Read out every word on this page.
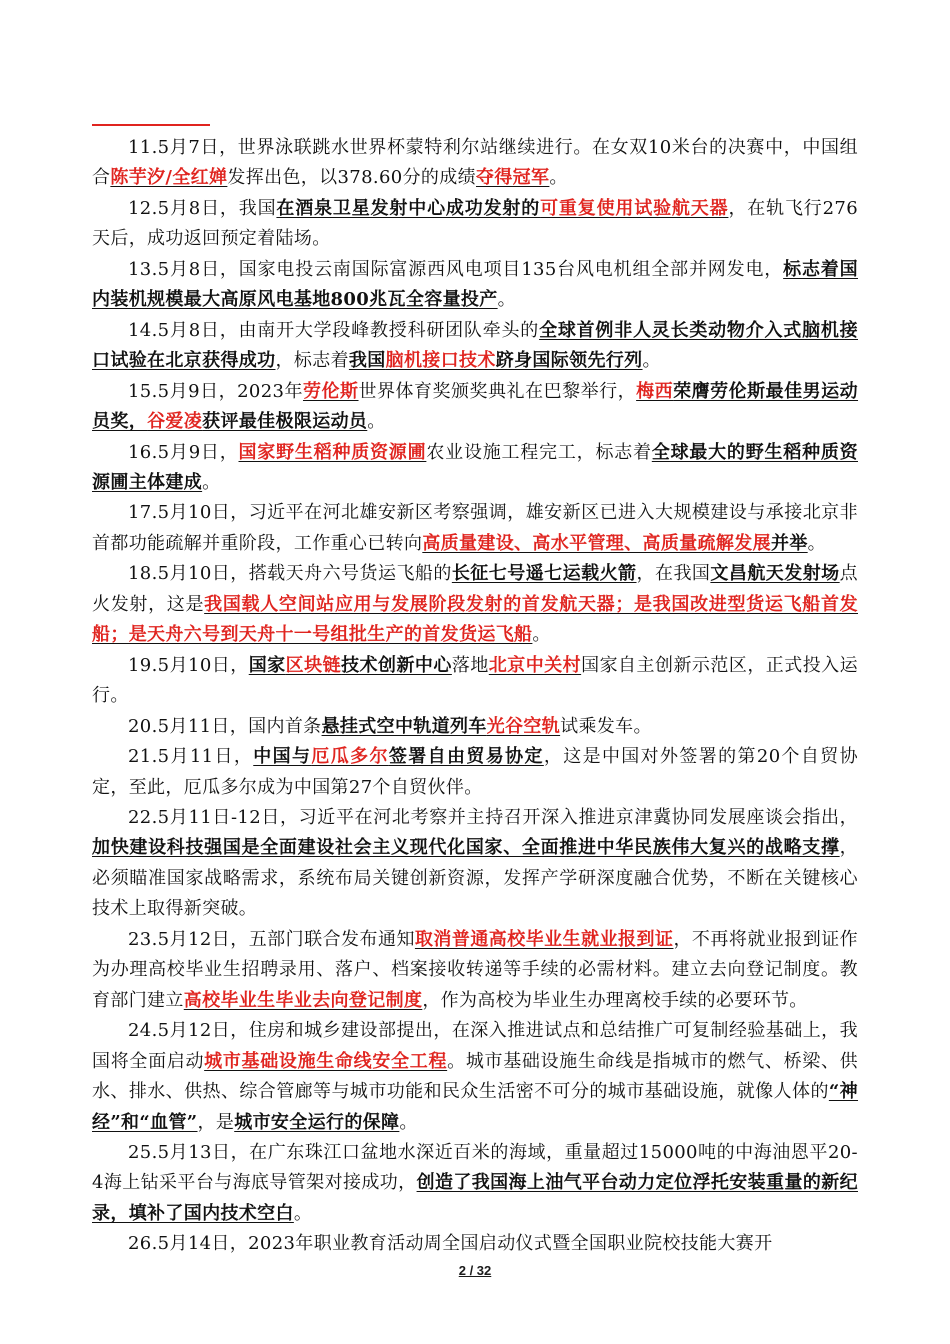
11.5月7日，世界泳联跳水世界杯蒙特利尔站继续进行。在女双10米台的决赛中，中国组合陈芋汐/全红婵发挥出色，以378.60分的成绩夺得冠军。

12.5月8日，我国在酒泉卫星发射中心成功发射的可重复使用试验航天器，在轨飞行276天后，成功返回预定着陆场。

13.5月8日，国家电投云南国际富源西风电项目135台风电机组全部并网发电，标志着国内装机规模最大高原风电基地800兆瓦全容量投产。

14.5月8日，由南开大学段峰教授科研团队牵头的全球首例非人灵长类动物介入式脑机接口试验在北京获得成功，标志着我国脑机接口技术跻身国际领先行列。

15.5月9日，2023年劳伦斯世界体育奖颁奖典礼在巴黎举行，梅西荣膺劳伦斯最佳男运动员奖，谷爱凌获评最佳极限运动员。

16.5月9日，国家野生稻种质资源圃农业设施工程完工，标志着全球最大的野生稻种质资源圃主体建成。

17.5月10日，习近平在河北雄安新区考察强调，雄安新区已进入大规模建设与承接北京非首都功能疏解并重阶段，工作重心已转向高质量建设、高水平管理、高质量疏解发展并举。

18.5月10日，搭载天舟六号货运飞船的长征七号遥七运载火箭，在我国文昌航天发射场点火发射，这是我国载人空间站应用与发展阶段发射的首发航天器；是我国改进型货运飞船首发船；是天舟六号到天舟十一号组批生产的首发货运飞船。

19.5月10日，国家区块链技术创新中心落地北京中关村国家自主创新示范区，正式投入运行。

20.5月11日，国内首条悬挂式空中轨道列车光谷空轨试乘发车。

21.5月11日，中国与厄瓜多尔签署自由贸易协定，这是中国对外签署的第20个自贸协定，至此，厄瓜多尔成为中国第27个自贸伙伴。

22.5月11日-12日，习近平在河北考察并主持召开深入推进京津冀协同发展座谈会指出，加快建设科技强国是全面建设社会主义现代化国家、全面推进中华民族伟大复兴的战略支撑，必须瞄准国家战略需求，系统布局关键创新资源，发挥产学研深度融合优势，不断在关键核心技术上取得新突破。

23.5月12日，五部门联合发布通知取消普通高校毕业生就业报到证，不再将就业报到证作为办理高校毕业生招聘录用、落户、档案接收转递等手续的必需材料。建立去向登记制度。教育部门建立高校毕业生毕业去向登记制度，作为高校为毕业生办理离校手续的必要环节。

24.5月12日，住房和城乡建设部提出，在深入推进试点和总结推广可复制经验基础上，我国将全面启动城市基础设施生命线安全工程。城市基础设施生命线是指城市的燃气、桥梁、供水、排水、供热、综合管廊等与城市功能和民众生活密不可分的城市基础设施，就像人体的“神经”和“血管”，是城市安全运行的保障。

25.5月13日，在广东珠江口盆地水深近百米的海域，重量超过15000吨的中海油恩平20-4海上钻采平台与海底导管架对接成功，创造了我国海上油气平台动力定位浮托安装重量的新纪录，填补了国内技术空白。

26.5月14日，2023年职业教育活动周全国启动仪式暨全国职业院校技能大赛开

2 / 32
